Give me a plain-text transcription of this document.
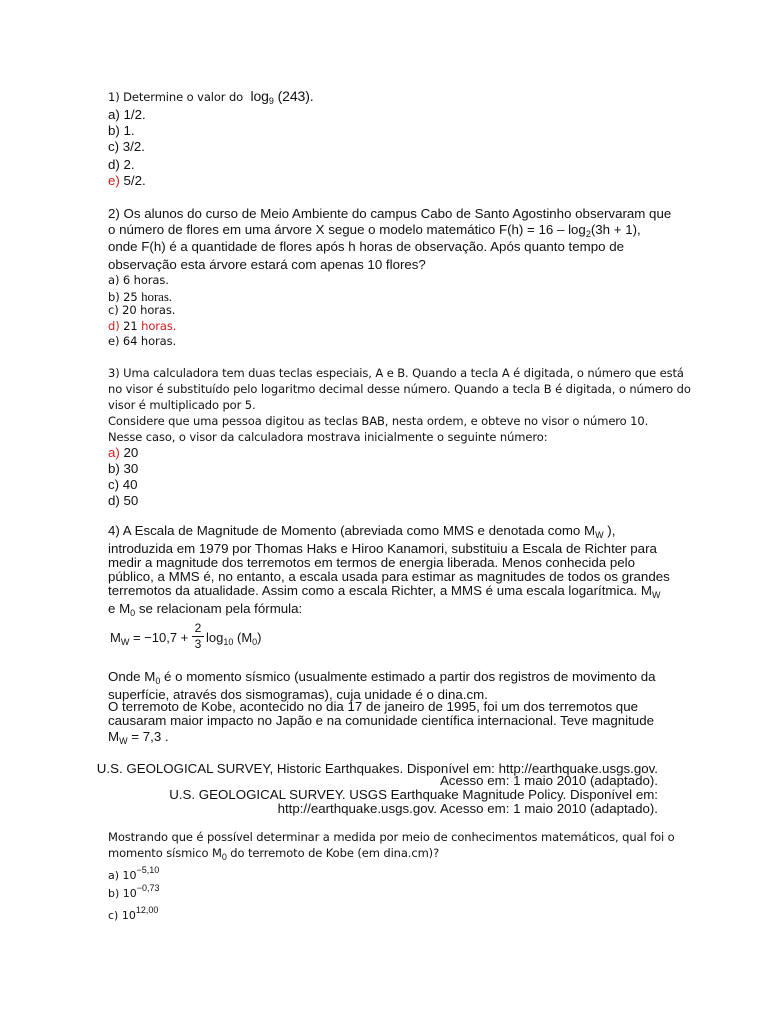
1) Determine o valor do $\log_9 (243)$.
a) 1/2.
b) 1.
c) 3/2.
d) 2.
e) 5/2.
2) Os alunos do curso de Meio Ambiente do campus Cabo de Santo Agostinho observaram que
o número de flores em uma árvore X segue o modelo matemático $F(h) = 16 - \log_2(3h + 1)$,
onde F(h) é a quantidade de flores após h horas de observação. Após quanto tempo de
observação esta árvore estará com apenas 10 flores?
a) 6 horas.
b) 25 horas.
c) 20 horas.
d) 21 horas.
e) 64 horas.
3) Uma calculadora tem duas teclas especiais, A e B. Quando a tecla A é digitada, o número que está
no visor é substituído pelo logaritmo decimal desse número. Quando a tecla B é digitada, o número do
visor é multiplicado por 5.
Considere que uma pessoa digitou as teclas BAB, nesta ordem, e obteve no visor o número 10.
Nesse caso, o visor da calculadora mostrava inicialmente o seguinte número:
a) 20
b) 30
c) 40
d) 50
4) A Escala de Magnitude de Momento (abreviada como MMS e denotada como $M_W$ ),
introduzida em 1979 por Thomas Haks e Hiroo Kanamori, substituiu a Escala de Richter para
medir a magnitude dos terremotos em termos de energia liberada. Menos conhecida pelo
público, a MMS é, no entanto, a escala usada para estimar as magnitudes de todos os grandes
terremotos da atualidade. Assim como a escala Richter, a MMS é uma escala logarítmica. $M_W$
e $M_0$ se relacionam pela fórmula:
$M_W = -10,7$ +
2
3 $\log_{10} (M_0)$
Onde $M_0$ é o momento sísmico (usualmente estimado a partir dos registros de movimento da
superfície, através dos sismogramas), cuja unidade é o dina.cm.
O terremoto de Kobe, acontecido no dia 17 de janeiro de 1995, foi um dos terremotos que
causaram maior impacto no Japão e na comunidade científica internacional. Teve magnitude
$M_W = 7,3$ .
U.S. GEOLOGICAL SURVEY, Historic Earthquakes. Disponível em: http://earthquake.usgs.gov.
Acesso em: 1 maio 2010 (adaptado).
U.S. GEOLOGICAL SURVEY. USGS Earthquake Magnitude Policy. Disponível em:
http://earthquake.usgs.gov. Acesso em: 1 maio 2010 (adaptado).
Mostrando que é possível determinar a medida por meio de conhecimentos matemáticos, qual foi o
momento sísmico $M_0$ do terremoto de Kobe (em dina.cm)?
a) $10^{-5,10}$
b) $10^{-0,73}$
c) 10$^{12,00}$
